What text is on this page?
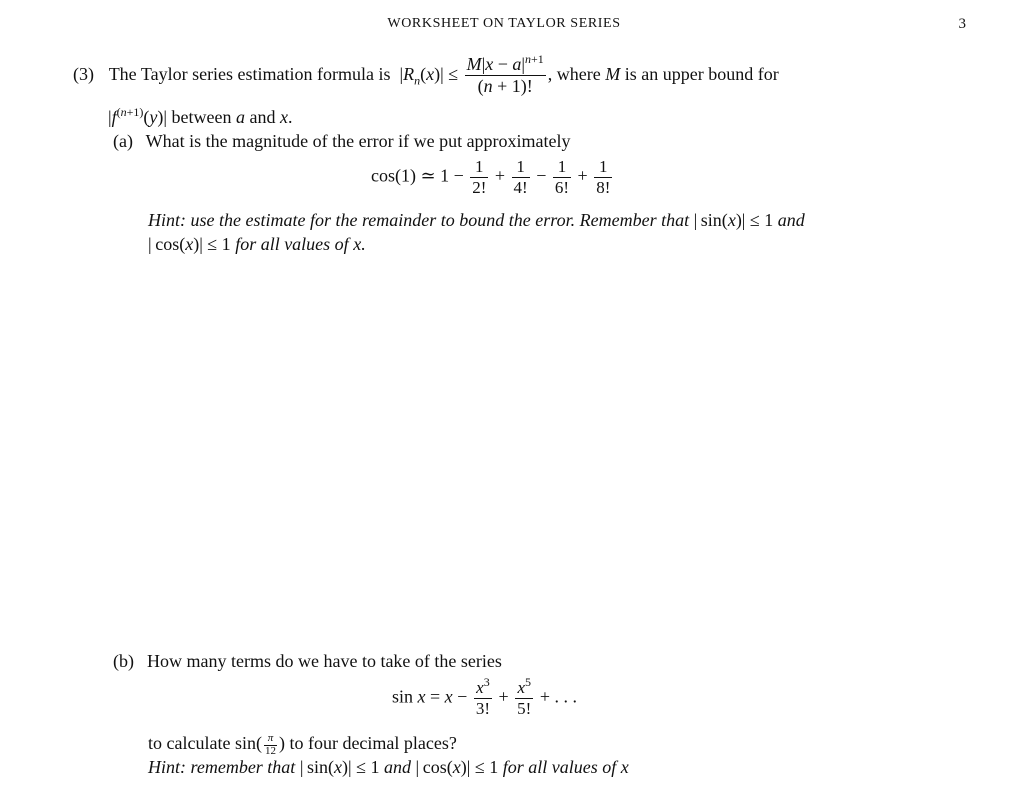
WORKSHEET ON TAYLOR SERIES	3
(3) The Taylor series estimation formula is  $|R_n(x)| \le \frac{M|x - a|^{n+1}}{(n + 1)!}$ , where M is an upper bound for
$|f^{(n+1)}(y)|$ between a and x.
(a) What is the magnitude of the error if we put approximately
cos(1) ≃ $1 - \frac{1}{2!} + \frac{1}{4!} - \frac{1}{6!} + \frac{1}{8!}$
Hint: use the estimate for the remainder to bound the error. Remember that | sin(x)| ≤ 1 and
| cos(x)| ≤ 1 for all values of x.
(b) How many terms do we have to take of the series
$\sin x = x - \frac{x^3}{3!} + \frac{x^5}{5!}$ + . . .
to calculate $\sin( \frac{\pi}{12}$ ) to four decimal places?
Hint: remember that | sin(x)| ≤ 1 and | cos(x)| ≤ 1 for all values of x
